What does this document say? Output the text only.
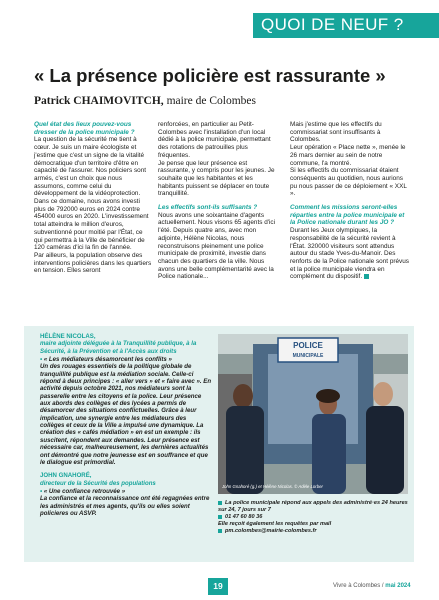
QUOI DE NEUF ?
« La présence policière est rassurante »
Patrick CHAIMOVITCH, maire de Colombes
Quel état des lieux pouvez-vous dresser de la police municipale ?
La question de la sécurité me tient à cœur. Je suis un maire écologiste et j'estime que c'est un signe de la vitalité démocratique d'un territoire d'être en capacité de l'assurer. Nos policiers sont armés, c'est un choix que nous assumons, comme celui du développement de la vidéoprotection. Dans ce domaine, nous avons investi plus de 792000 euros en 2024 contre 454000 euros en 2020. L'investissement total atteindra le million d'euros, subventionné pour moitié par l'État, ce qui permettra à la Ville de bénéficier de 120 caméras d'ici la fin de l'année.
Par ailleurs, la population observe des interventions policières dans les quartiers en tension. Elles seront
renforcées, en particulier au Petit-Colombes avec l'installation d'un local dédié à la police municipale, permettant des rotations de patrouilles plus fréquentes.
Je pense que leur présence est rassurante, y compris pour les jeunes. Je souhaite que les habitantes et les habitants puissent se déplacer en toute tranquillité.
Les effectifs sont-ils suffisants ?
Nous avons une soixantaine d'agents actuellement. Nous visons 65 agents d'ici l'été. Depuis quatre ans, avec mon adjointe, Hélène Nicolas, nous reconstruisons pleinement une police municipale de proximité, investie dans chacun des quartiers de la ville. Nous avons une belle complémentarité avec la Police nationale...
Mais j'estime que les effectifs du commissariat sont insuffisants à Colombes.
Leur opération « Place nette », menée le 26 mars dernier au sein de notre commune, l'a montré.
Si les effectifs du commissariat étaient conséquents au quotidien, nous aurions pu nous passer de ce déploiement « XXL ».
Comment les missions seront-elles réparties entre la police municipale et la Police nationale durant les JO ?
Durant les Jeux olympiques, la responsabilité de la sécurité revient à l'État. 320000 visiteurs sont attendus autour du stade Yves-du-Manoir. Des renforts de la Police nationale sont prévus et la police municipale viendra en complément du dispositif.
HÉLÈNE NICOLAS,
maire adjointe déléguée à la Tranquillité publique, à la Sécurité, à la Prévention et à l'Accès aux droits
• « Les médiateurs désamorcent les conflits »
Un des rouages essentiels de la politique globale de tranquillité publique est la médiation sociale. Celle-ci répond à deux principes : « aller vers » et « faire avec ». En activité depuis octobre 2021, nos médiateurs sont la passerelle entre les citoyens et la police. Leur présence aux abords des collèges et des lycées a permis de désamorcer des situations conflictuelles. Grâce à leur implication, une synergie entre les médiateurs des collèges et ceux de la Ville a impulsé une dynamique. La création des « cafés médiation » en est un exemple : ils suscitent, répondent aux demandes. Leur présence est nécessaire car, malheureusement, les dernières actualités ont démontré que notre jeunesse est en souffrance et que le dialogue est primordial.
JOHN GNAHORÉ,
directeur de la Sécurité des populations
• « Une confiance retrouvée »
La confiance et la reconnaissance ont été regagnées entre les administrés et mes agents, qu'ils ou elles soient policieres ou ASVP.
POLICE
MUNICIPALE
John Gnahoré (g.) et Hélène Nicolas. © Adèle Lorber
La police municipale répond aux appels des administré·es 24 heures sur 24, 7 jours sur 7
01 47 60 80 36
Elle reçoit également les requêtes par mail
pm.colombes@mairie-colombes.fr
19	Vivre à Colombes / mai 2024
